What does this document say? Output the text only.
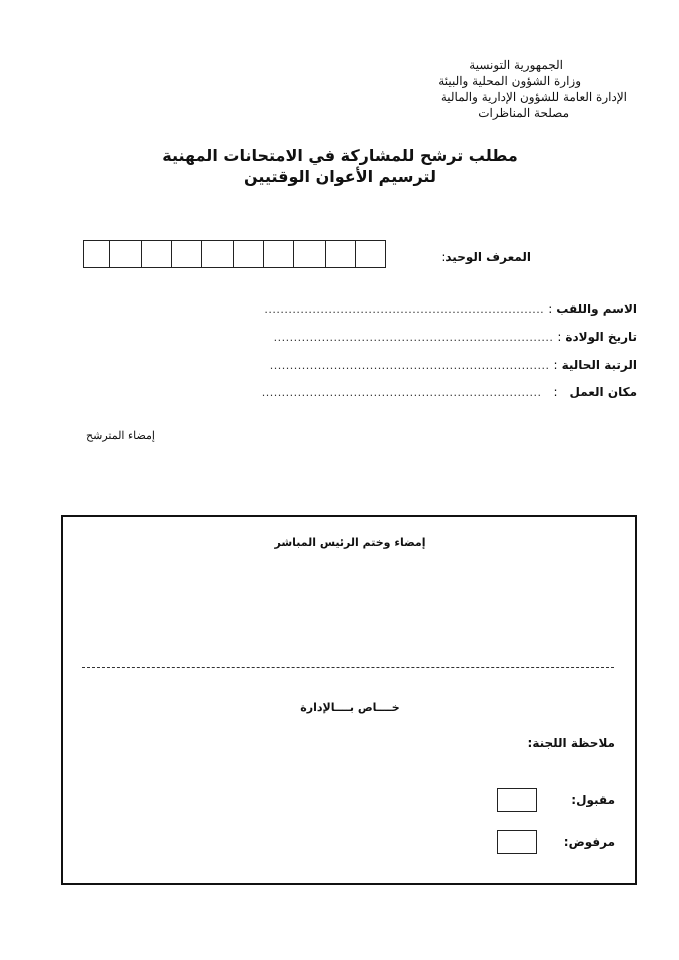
الجمهورية التونسية
وزارة الشؤون المحلية والبيئة
الإدارة العامة للشؤون الإدارية والمالية
مصلحة المناظرات
مطلب ترشح للمشاركة في الامتحانات المهنية
لترسيم الأعوان الوقتيين
المعرف الوحيد:
الاسم واللقب
:
......................................................................
تاريخ الولادة
:
......................................................................
الرتبة الحالية
:
......................................................................
مكان العمل
:
......................................................................
إمضاء المترشح
إمضاء وختم الرئيس المباشر
خــــاص بــــالإدارة
ملاحظة اللجنة:
مقبول:
مرفوض:
